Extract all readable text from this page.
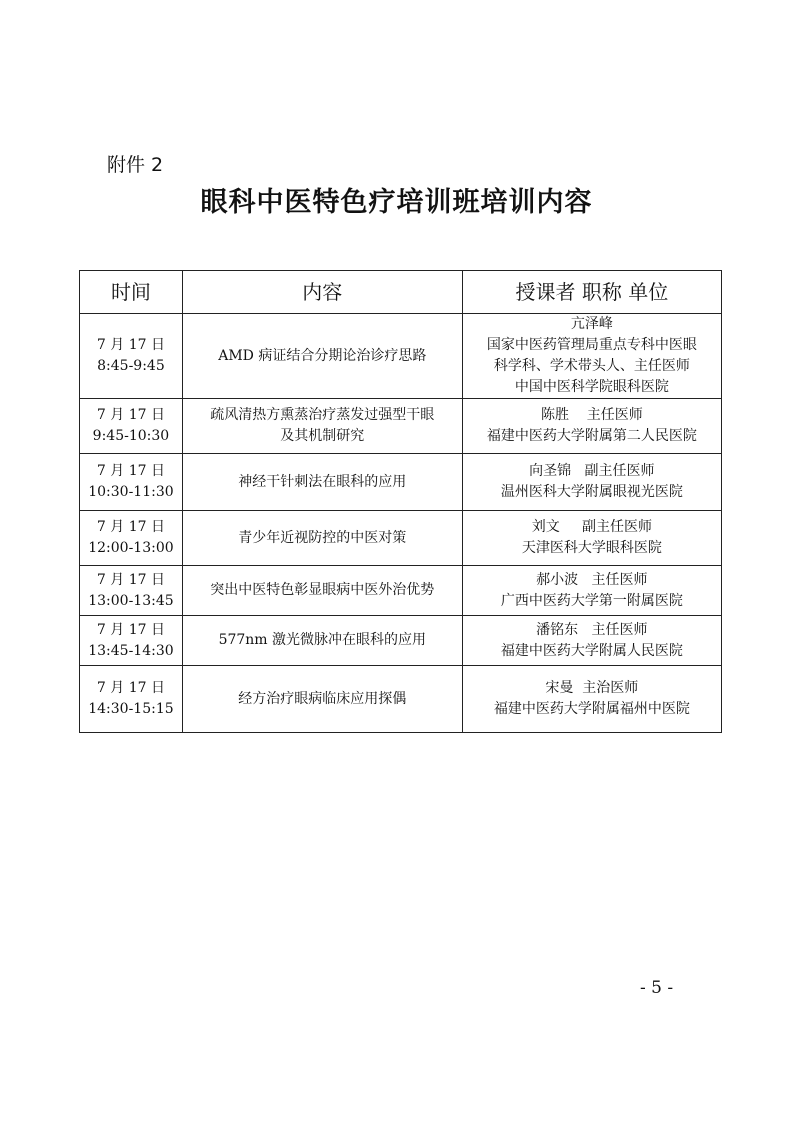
附件 2
眼科中医特色疗培训班培训内容
时间	内容	授课者 职称 单位

7 月 17 日
8:45-9:45	AMD 病证结合分期论治诊疗思路	亢泽峰
国家中医药管理局重点专科中医眼
科学科、学术带头人、主任医师
中国中医科学院眼科医院

7 月 17 日
9:45-10:30	疏风清热方熏蒸治疗蒸发过强型干眼
及其机制研究	陈胜    主任医师
福建中医药大学附属第二人民医院

7 月 17 日
10:30-11:30	神经干针刺法在眼科的应用	向圣锦   副主任医师
温州医科大学附属眼视光医院

7 月 17 日
12:00-13:00	青少年近视防控的中医对策	刘文     副主任医师
天津医科大学眼科医院

7 月 17 日
13:00-13:45	突出中医特色彰显眼病中医外治优势	郝小波   主任医师
广西中医药大学第一附属医院

7 月 17 日
13:45-14:30	577nm 激光微脉冲在眼科的应用	潘铭东   主任医师
福建中医药大学附属人民医院

7 月 17 日
14:30-15:15	经方治疗眼病临床应用探偶	宋曼  主治医师
福建中医药大学附属福州中医院
- 5 -
